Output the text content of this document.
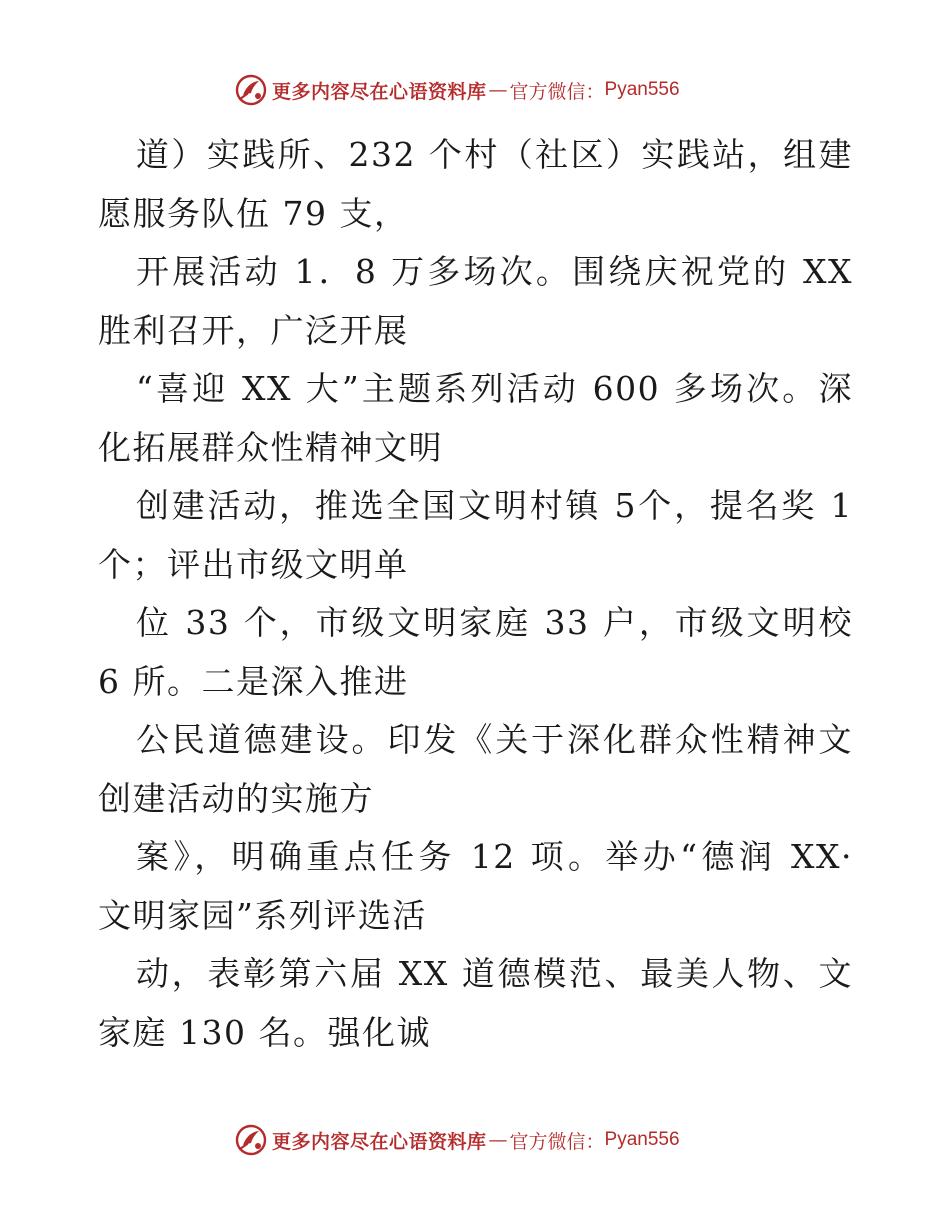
更多内容尽在心语资料库 — 官方微信： Pyan556
道）实践所、232 个村（社区）实践站，组建
愿服务队伍 79 支，
开展活动 1．8 万多场次。围绕庆祝党的 XX
胜利召开，广泛开展
“喜迎 XX 大”主题系列活动 600 多场次。深
化拓展群众性精神文明
创建活动，推选全国文明村镇 5个，提名奖 1
个；评出市级文明单
位 33 个，市级文明家庭 33 户，市级文明校
6 所。二是深入推进
公民道德建设。印发《关于深化群众性精神文
创建活动的实施方
案》，明确重点任务 12 项。举办“德润 XX·
文明家园”系列评选活
动，表彰第六届 XX 道德模范、最美人物、文
家庭 130 名。强化诚
更多内容尽在心语资料库 — 官方微信： Pyan556
